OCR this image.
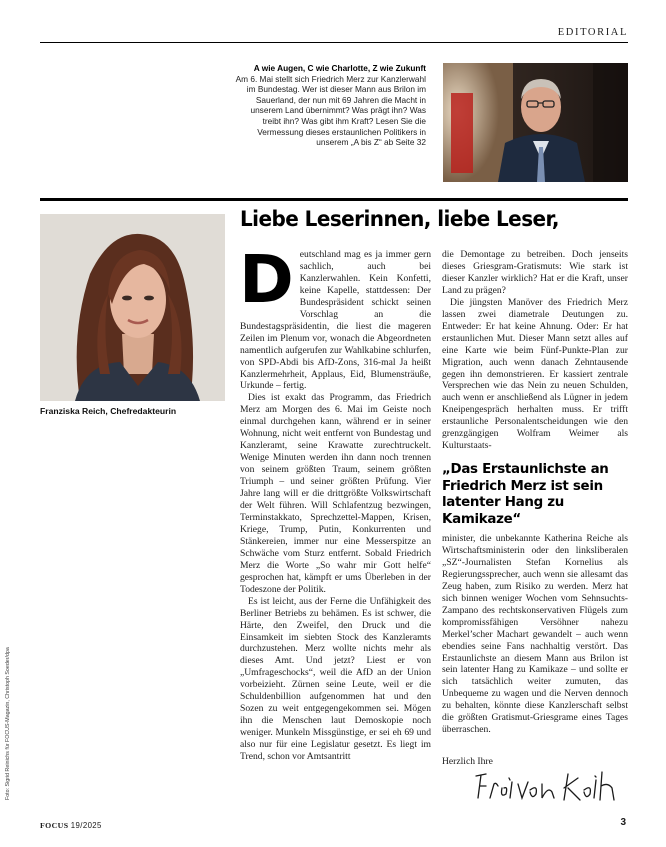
EDITORIAL
A wie Augen, C wie Charlotte, Z wie Zukunft
Am 6. Mai stellt sich Friedrich Merz zur Kanzlerwahl im Bundestag. Wer ist dieser Mann aus Brilon im Sauerland, der nun mit 69 Jahren die Macht in unserem Land übernimmt? Was prägt ihn? Was treibt ihn? Was gibt ihm Kraft? Lesen Sie die Vermessung dieses erstaunlichen Politikers in unserem „A bis Z“ ab Seite 32
Franziska Reich, Chefredakteurin
Foto: Sigrid Reinichs für FOCUS-Magazin, Christoph Soeder/dpa
Liebe Leserinnen, liebe Leser,
D eutschland mag es ja immer gern sachlich, auch bei Kanzlerwahlen. Kein Konfetti, keine Kapelle, stattdessen: Der Bundespräsident schickt seinen Vorschlag an die Bundestagspräsidentin, die liest die mageren Zeilen im Plenum vor, wonach die Abgeordneten namentlich aufgerufen zur Wahlkabine schlurfen, von SPD-Abdi bis AfD-Zons, 316-mal Ja heißt Kanzlermehrheit, Applaus, Eid, Blumensträuße, Urkunde – fertig.

Dies ist exakt das Programm, das Friedrich Merz am Morgen des 6. Mai im Geiste noch einmal durchgehen kann, während er in seiner Wohnung, nicht weit entfernt von Bundestag und Kanzleramt, seine Krawatte zurechtruckelt. Wenige Minuten werden ihn dann noch trennen von seinem größten Traum, seinem größten Triumph – und seiner größten Prüfung. Vier Jahre lang will er die drittgrößte Volkswirtschaft der Welt führen. Will Schlafentzug bezwingen, Terminstakkato, Sprechzettel-Mappen, Krisen, Kriege, Trump, Putin, Konkurrenten und Stänkereien, immer nur eine Messerspitze an Schwäche vom Sturz entfernt. Sobald Friedrich Merz die Worte „So wahr mir Gott helfe“ gesprochen hat, kämpft er ums Überleben in der Todeszone der Politik.

Es ist leicht, aus der Ferne die Unfähigkeit des Berliner Betriebs zu behämen. Es ist schwer, die Härte, den Zweifel, den Druck und die Einsamkeit im siebten Stock des Kanzleramts durchzustehen. Merz wollte nichts mehr als dieses Amt. Und jetzt? Liest er von „Umfrageschocks“, weil die AfD an der Union vorbeizieht. Zürnen seine Leute, weil er die Schuldenbillion aufgenommen hat und den Sozen zu weit entgegengekommen sei. Mögen ihn die Menschen laut Demoskopie noch weniger. Munkeln Missgünstige, er sei eh 69 und also nur für eine Legislatur gesetzt. Es liegt im Trend, schon vor Amtsantritt

die Demontage zu betreiben. Doch jenseits dieses Griesgram-Gratismuts: Wie stark ist dieser Kanzler wirklich? Hat er die Kraft, unser Land zu prägen?

Die jüngsten Manöver des Friedrich Merz lassen zwei diametrale Deutungen zu. Entweder: Er hat keine Ahnung. Oder: Er hat erstaunlichen Mut. Dieser Mann setzt alles auf eine Karte wie beim Fünf-Punkte-Plan zur Migration, auch wenn danach Zehntausende gegen ihn demonstrieren. Er kassiert zentrale Versprechen wie das Nein zu neuen Schulden, auch wenn er anschließend als Lügner in jedem Kneipengespräch herhalten muss. Er trifft erstaunliche Personalentscheidungen wie den grenzgängigen Wolfram Weimer als Kulturstaats-

„Das Erstaunlichste an Friedrich Merz ist sein latenter Hang zu Kamikaze“

minister, die unbekannte Katherina Reiche als Wirtschaftsministerin oder den linksliberalen „SZ“-Journalisten Stefan Kornelius als Regierungssprecher, auch wenn sie allesamt das Zeug haben, zum Risiko zu werden. Merz hat sich binnen weniger Wochen vom Sehnsuchts-Zampano des rechtskonservativen Flügels zum kompromissfähigen Versöhner nahezu Merkel’scher Machart gewandelt – auch wenn ebendies seine Fans nachhaltig verstört. Das Erstaunlichste an diesem Mann aus Brilon ist sein latenter Hang zu Kamikaze – und sollte er sich tatsächlich weiter zumuten, das Unbequeme zu wagen und die Nerven dennoch zu behalten, könnte diese Kanzlerschaft selbst die größten Gratismut-Griesgrame eines Tages überraschen.

Herzlich Ihre
FOCUS 19/2025	3
